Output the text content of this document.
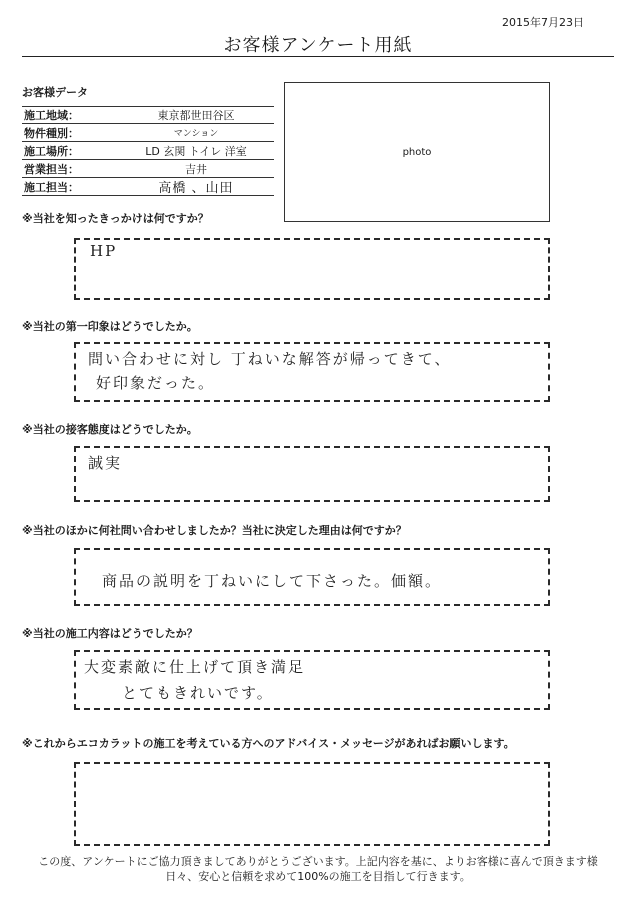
2015年7月23日
お客様アンケート用紙
お客様データ
施工地域：	東京都世田谷区
物件種別：	マンション
施工場所：	LD 玄関 トイレ 洋室
営業担当：	吉井
施工担当：	高橋 、山田
photo
※当社を知ったきっかけは何ですか？
HP
※当社の第一印象はどうでしたか。
問い合わせに対し 丁ねいな解答が帰ってきて、
好印象だった。
※当社の接客態度はどうでしたか。
誠実
※当社のほかに何社問い合わせしましたか？当社に決定した理由は何ですか？
商品の説明を丁ねいにして下さった。価額。
※当社の施工内容はどうでしたか？
大変素敵に仕上げて頂き満足
とてもきれいです。
※これからエコカラットの施工を考えている方へのアドバイス・メッセージがあればお願いします。
この度、アンケートにご協力頂きましてありがとうございます。上記内容を基に、よりお客様に喜んで頂きます様
日々、安心と信頼を求めて100%の施工を目指して行きます。
